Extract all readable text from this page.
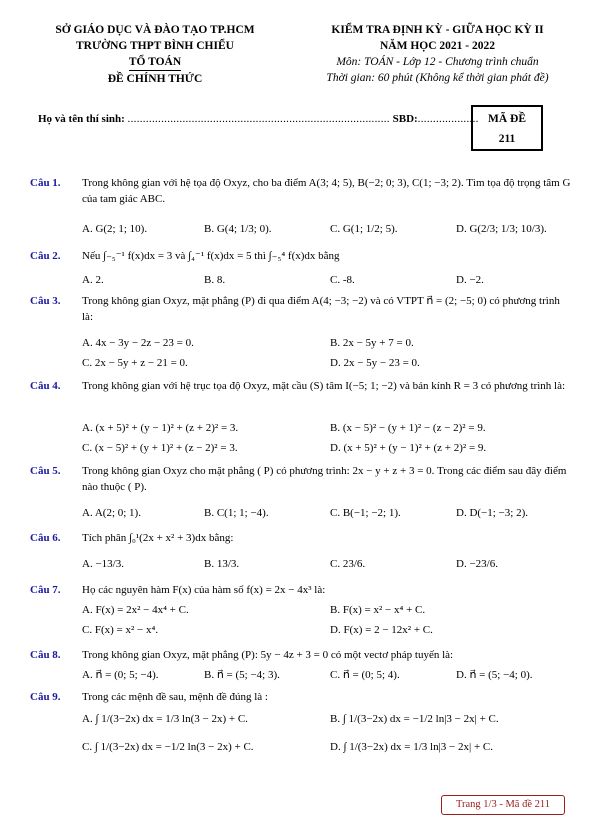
SỞ GIÁO DỤC VÀ ĐÀO TẠO TP.HCM
TRƯỜNG THPT BÌNH CHIỂU
TỔ TOÁN
ĐỀ CHÍNH THỨC
KIỂM TRA ĐỊNH KỲ - GIỮA HỌC KỲ II
NĂM HỌC 2021 - 2022
Môn: TOÁN - Lớp 12 - Chương trình chuẩn
Thời gian: 60 phút (Không kể thời gian phát đề)
Họ và tên thí sinh: ...................................................................................... SBD:.................... MÃ ĐỀ
211
Câu 1. Trong không gian với hệ tọa độ Oxyz, cho ba điểm A(3; 4; 5), B(−2; 0; 3), C(1; −3; 2). Tìm tọa độ trọng tâm G của tam giác ABC.
A. G(2; 1; 10).	B. G(4; 1/3; 0).	C. G(1; 1/2; 5).	D. G(2/3; 1/3; 10/3).
Câu 2. Nếu ∫₋₅⁻¹ f(x)dx = 3 và ∫₄⁻¹ f(x)dx = 5 thì ∫₋₅⁴ f(x)dx bằng
A. 2.	B. 8.	C. -8.	D. −2.
Câu 3. Trong không gian Oxyz, mặt phẳng (P) đi qua điểm A(4; −3; −2) và có VTPT n⃗ = (2; −5; 0) có phương trình là:
A. 4x − 3y − 2z − 23 = 0.	B. 2x − 5y + 7 = 0.
C. 2x − 5y + z − 21 = 0.	D. 2x − 5y − 23 = 0.
Câu 4. Trong không gian với hệ trục tọa độ Oxyz, mặt cầu (S) tâm I(−5; 1; −2) và bán kính R = 3 có phương trình là:
A. (x + 5)² + (y − 1)² + (z + 2)² = 3.	B. (x − 5)² − (y + 1)² − (z − 2)² = 9.
C. (x − 5)² + (y + 1)² + (z − 2)² = 3.	D. (x + 5)² + (y − 1)² + (z + 2)² = 9.
Câu 5. Trong không gian Oxyz cho mặt phẳng ( P) có phương trình: 2x − y + z + 3 = 0. Trong các điểm sau đây điểm nào thuộc ( P).
A. A(2; 0; 1).	B. C(1; 1; −4).	C. B(−1; −2; 1).	D. D(−1; −3; 2).
Câu 6. Tích phân ∫₀¹(2x + x² + 3)dx bằng:
A. −13/3.	B. 13/3.	C. 23/6.	D. −23/6.
Câu 7. Họ các nguyên hàm F(x) của hàm số f(x) = 2x − 4x³ là:
A. F(x) = 2x² − 4x⁴ + C.	B. F(x) = x² − x⁴ + C.
C. F(x) = x² − x⁴.	D. F(x) = 2 − 12x² + C.
Câu 8. Trong không gian Oxyz, mặt phẳng (P): 5y − 4z + 3 = 0 có một vectơ pháp tuyến là:
A. n⃗ = (0; 5; −4).	B. n⃗ = (5; −4; 3).	C. n⃗ = (0; 5; 4).	D. n⃗ = (5; −4; 0).
Câu 9. Trong các mệnh đề sau, mệnh đề đúng là :
A. ∫ 1/(3−2x) dx = 1/3 ln(3 − 2x) + C.	B. ∫ 1/(3−2x) dx = −1/2 ln|3 − 2x| + C.
C. ∫ 1/(3−2x) dx = −1/2 ln(3 − 2x) + C.	D. ∫ 1/(3−2x) dx = 1/3 ln|3 − 2x| + C.
Trang 1/3 - Mã đề 211
